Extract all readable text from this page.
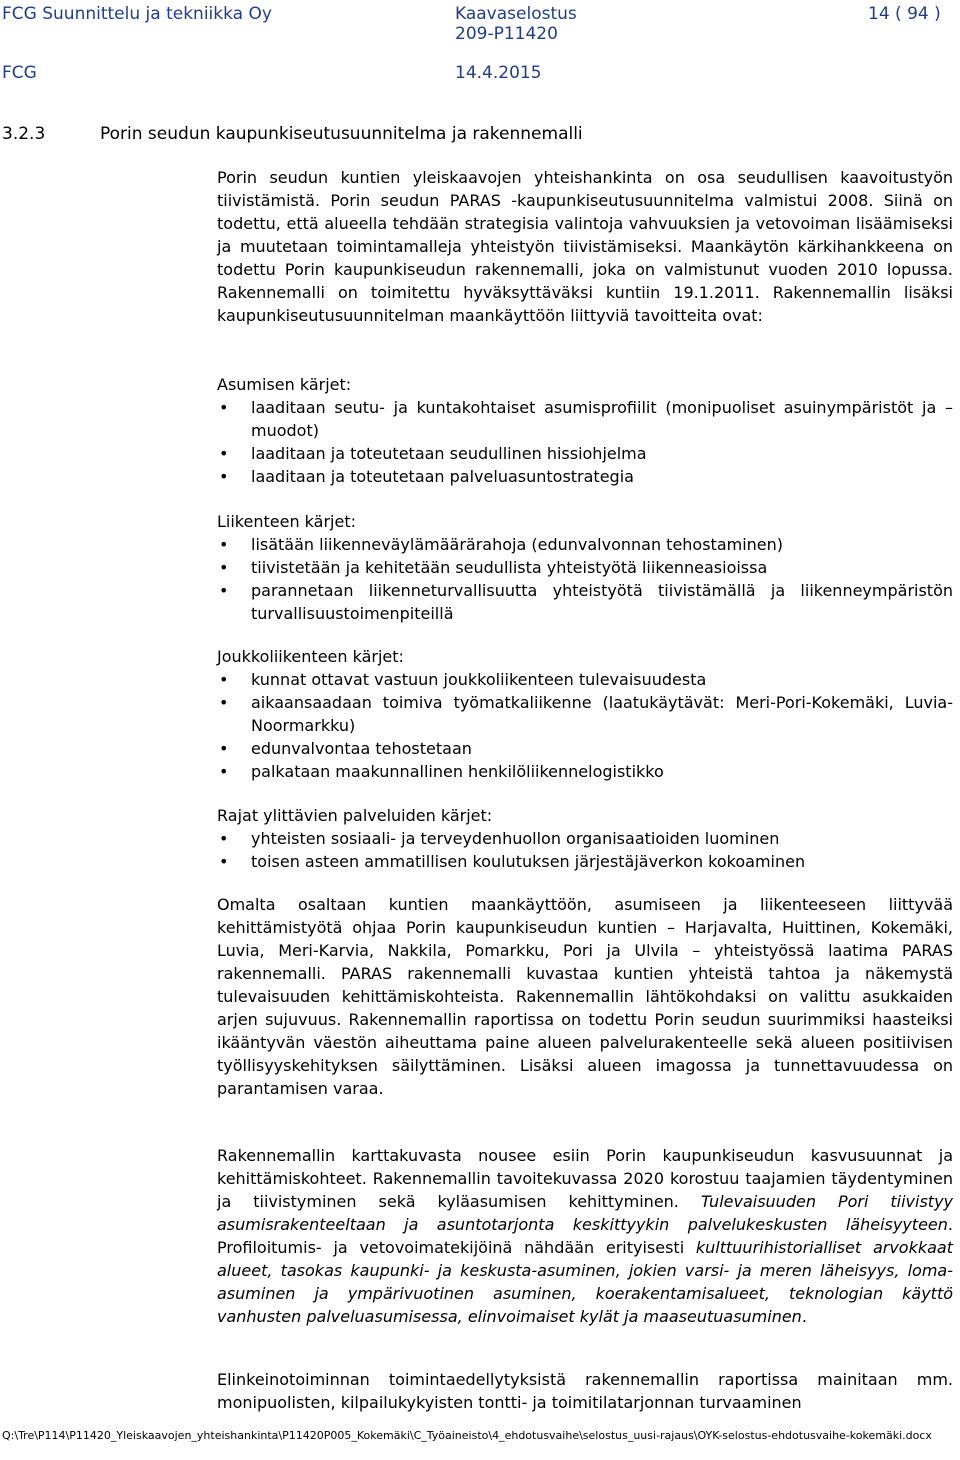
FCG Suunnittelu ja tekniikka Oy	Kaavaselostus	14 ( 94 )
209-P11420
FCG	14.4.2015
3.2.3	Porin seudun kaupunkiseutusuunnitelma ja rakennemalli

Porin seudun kuntien yleiskaavojen yhteishankinta on osa seudullisen kaavoitustyön tiivistämistä. Porin seudun PARAS -kaupunkiseutusuunnitelma valmistui 2008. Siinä on todettu, että alueella tehdään strategisia valintoja vahvuuksien ja vetovoiman lisäämiseksi ja muutetaan toimintamalleja yhteistyön tiivistämiseksi. Maankäytön kärkihankkeena on todettu Porin kaupunkiseudun rakennemalli, joka on valmistunut vuoden 2010 lopussa. Rakennemalli on toimitettu hyväksyttäväksi kuntiin 19.1.2011. Rakennemallin lisäksi kaupunkiseutusuunnitelman maankäyttöön liittyviä tavoitteita ovat:

Asumisen kärjet:
• laaditaan seutu- ja kuntakohtaiset asumisprofiilit (monipuoliset asuinympäristöt ja –muodot)
• laaditaan ja toteutetaan seudullinen hissiohjelma
• laaditaan ja toteutetaan palveluasuntostrategia
Liikenteen kärjet:
• lisätään liikenneväylämäärärahoja (edunvalvonnan tehostaminen)
• tiivistetään ja kehitetään seudullista yhteistyötä liikenneasioissa
• parannetaan liikenneturvallisuutta yhteistyötä tiivistämällä ja liikenneympäristön turvallisuustoimenpiteillä
Joukkoliikenteen kärjet:
• kunnat ottavat vastuun joukkoliikenteen tulevaisuudesta
• aikaansaadaan toimiva työmatkaliikenne (laatukäytävät: Meri-Pori-Kokemäki, Luvia-Noormarkku)
• edunvalvontaa tehostetaan
• palkataan maakunnallinen henkilöliikennelogistikko
Rajat ylittävien palveluiden kärjet:
• yhteisten sosiaali- ja terveydenhuollon organisaatioiden luominen
• toisen asteen ammatillisen koulutuksen järjestäjäverkon kokoaminen

Omalta osaltaan kuntien maankäyttöön, asumiseen ja liikenteeseen liittyvää kehittämistyötä ohjaa Porin kaupunkiseudun kuntien – Harjavalta, Huittinen, Kokemäki, Luvia, Meri-Karvia, Nakkila, Pomarkku, Pori ja Ulvila – yhteistyössä laatima PARAS rakennemalli. PARAS rakennemalli kuvastaa kuntien yhteistä tahtoa ja näkemystä tulevaisuuden kehittämiskohteista. Rakennemallin lähtökohdaksi on valittu asukkaiden arjen sujuvuus. Rakennemallin raportissa on todettu Porin seudun suurimmiksi haasteiksi ikääntyvän väestön aiheuttama paine alueen palvelurakenteelle sekä alueen positiivisen työllisyyskehityksen säilyttäminen. Lisäksi alueen imagossa ja tunnettavuudessa on parantamisen varaa.

Rakennemallin karttakuvasta nousee esiin Porin kaupunkiseudun kasvusuunnat ja kehittämiskohteet. Rakennemallin tavoitekuvassa 2020 korostuu taajamien täydentyminen ja tiivistyminen sekä kyläasumisen kehittyminen. Tulevaisuuden Pori tiivistyy asumisrakenteeltaan ja asuntotarjonta keskittyykin palvelukeskusten läheisyyteen. Profiloitumis- ja vetovoimatekijöinä nähdään erityisesti kulttuurihistorialliset arvokkaat alueet, tasokas kaupunki- ja keskusta-asuminen, jokien varsi- ja meren läheisyys, loma-asuminen ja ympärivuotinen asuminen, koerakentamisalueet, teknologian käyttö vanhusten palveluasumisessa, elinvoimaiset kylät ja maaseutuasuminen.

Elinkeinotoiminnan toimintaedellytyksistä rakennemallin raportissa mainitaan mm. monipuolisten, kilpailukykyisten tontti- ja toimitilatarjonnan turvaaminen

Q:\Tre\P114\P11420_Yleiskaavojen_yhteishankinta\P11420P005_Kokemäki\C_Työaineisto\4_ehdotusvaihe\selostus_uusi-rajaus\OYK-selostus-ehdotusvaihe-kokemäki.docx
